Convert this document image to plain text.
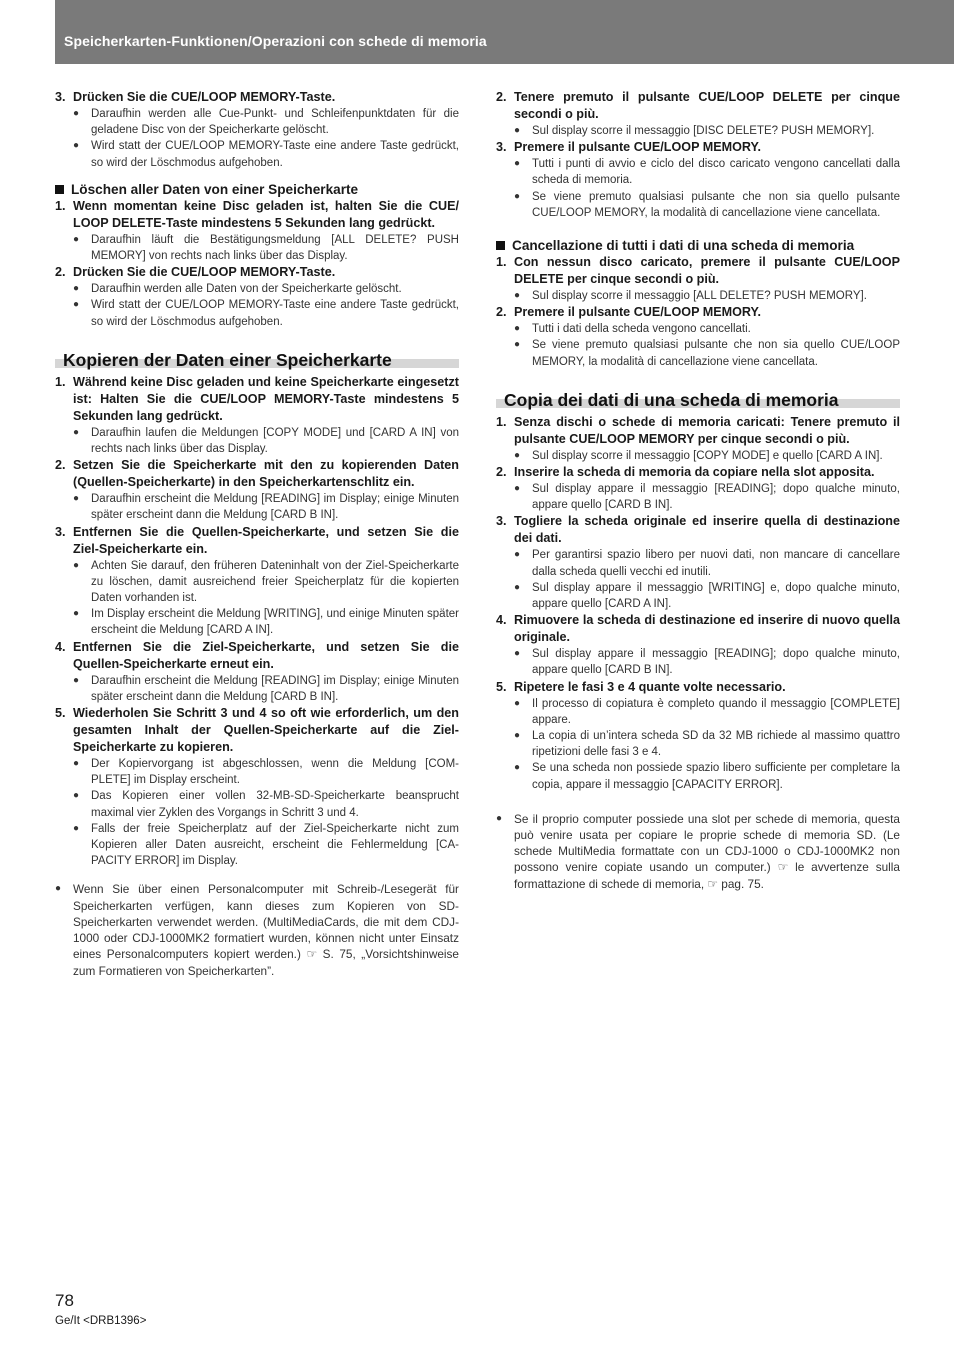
Speicherkarten-Funktionen/Operazioni con schede di memoria
3. Drücken Sie die CUE/LOOP MEMORY-Taste.
●	Daraufhin werden alle Cue-Punkt- und Schleifenpunktdaten für die geladene Disc von der Speicherkarte gelöscht.
●	Wird statt der CUE/LOOP MEMORY-Taste eine andere Taste gedrückt, so wird der Löschmodus aufgehoben.
Löschen aller Daten von einer Speicherkarte
1. Wenn momentan keine Disc geladen ist, halten Sie die CUE/ LOOP DELETE-Taste mindestens 5 Sekunden lang gedrückt.
●	Daraufhin läuft die Bestätigungsmeldung [ALL DELETE? PUSH MEMORY] von rechts nach links über das Display.
2. Drücken Sie die CUE/LOOP MEMORY-Taste.
●	Daraufhin werden alle Daten von der Speicherkarte gelöscht.
●	Wird statt der CUE/LOOP MEMORY-Taste eine andere Taste gedrückt, so wird der Löschmodus aufgehoben.
Kopieren der Daten einer Speicherkarte
1. Während keine Disc geladen und keine Speicherkarte eingesetzt ist: Halten Sie die CUE/LOOP MEMORY-Taste mindestens 5 Sekunden lang gedrückt.
●	Daraufhin laufen die Meldungen [COPY MODE] und [CARD A IN] von rechts nach links über das Display.
2. Setzen Sie die Speicherkarte mit den zu kopierenden Daten (Quellen-Speicherkarte) in den Speicherkartenschlitz ein.
●	Daraufhin erscheint die Meldung [READING] im Display; einige Minuten später erscheint dann die Meldung [CARD B IN].
3. Entfernen Sie die Quellen-Speicherkarte, und setzen Sie die Ziel-Speicherkarte ein.
●	Achten Sie darauf, den früheren Dateninhalt von der Ziel-Speicherkarte zu löschen, damit ausreichend freier Speicherplatz für die kopierten Daten vorhanden ist.
●	Im Display erscheint die Meldung [WRITING], und einige Minuten später erscheint die Meldung [CARD A IN].
4. Entfernen Sie die Ziel-Speicherkarte, und setzen Sie die Quellen-Speicherkarte erneut ein.
●	Daraufhin erscheint die Meldung [READING] im Display; einige Minuten später erscheint dann die Meldung [CARD B IN].
5. Wiederholen Sie Schritt 3 und 4 so oft wie erforderlich, um den gesamten Inhalt der Quellen-Speicherkarte auf die Ziel-Speicherkarte zu kopieren.
●	Der Kopiervorgang ist abgeschlossen, wenn die Meldung [COM- PLETE] im Display erscheint.
●	Das Kopieren einer vollen 32-MB-SD-Speicherkarte beansprucht maximal vier Zyklen des Vorgangs in Schritt 3 und 4.
●	Falls der freie Speicherplatz auf der Ziel-Speicherkarte nicht zum Kopieren aller Daten ausreicht, erscheint die Fehlermeldung [CA- PACITY ERROR] im Display.
●	Wenn Sie über einen Personalcomputer mit Schreib-/Lesegerät für Speicherkarten verfügen, kann dieses zum Kopieren von SD-Speicherkarten verwendet werden. (MultiMediaCards, die mit dem CDJ-1000 oder CDJ-1000MK2 formatiert wurden, können nicht unter Einsatz eines Personalcomputers kopiert werden.) ☞ S. 75, „Vorsichtshinweise zum Formatieren von Speicherkarten”.
2. Tenere premuto il pulsante CUE/LOOP DELETE per cinque secondi o più.
●	Sul display scorre il messaggio [DISC DELETE? PUSH MEMORY].
3. Premere il pulsante CUE/LOOP MEMORY.
●	Tutti i punti di avvio e ciclo del disco caricato vengono cancellati dalla scheda di memoria.
●	Se viene premuto qualsiasi pulsante che non sia quello pulsante CUE/LOOP MEMORY, la modalità di cancellazione viene cancellata.
Cancellazione di tutti i dati di una scheda di memoria
1. Con nessun disco caricato, premere il pulsante CUE/LOOP DELETE per cinque secondi o più.
●	Sul display scorre il messaggio [ALL DELETE? PUSH MEMORY].
2. Premere il pulsante CUE/LOOP MEMORY.
●	Tutti i dati della scheda vengono cancellati.
●	Se viene premuto qualsiasi pulsante che non sia quello CUE/LOOP MEMORY, la modalità di cancellazione viene cancellata.
Copia dei dati di una scheda di memoria
1. Senza dischi o schede di memoria caricati: Tenere premuto il pulsante CUE/LOOP MEMORY per cinque secondi o più.
●	Sul display scorre il messaggio [COPY MODE] e quello [CARD A IN].
2. Inserire la scheda di memoria da copiare nella slot apposita.
●	Sul display appare il messaggio [READING]; dopo qualche minuto, appare quello [CARD B IN].
3. Togliere la scheda originale ed inserire quella di destinazione dei dati.
●	Per garantirsi spazio libero per nuovi dati, non mancare di cancellare dalla scheda quelli vecchi ed inutili.
●	Sul display appare il messaggio [WRITING] e, dopo qualche minuto, appare quello [CARD A IN].
4. Rimuovere la scheda di destinazione ed inserire di nuovo quella originale.
●	Sul display appare il messaggio [READING]; dopo qualche minuto, appare quello [CARD B IN].
5. Ripetere le fasi 3 e 4 quante volte necessario.
●	Il processo di copiatura è completo quando il messaggio [COMPLETE] appare.
●	La copia di un’intera scheda SD da 32 MB richiede al massimo quattro ripetizioni delle fasi 3 e 4.
●	Se una scheda non possiede spazio libero sufficiente per completare la copia, appare il messaggio [CAPACITY ERROR].
●	Se il proprio computer possiede una slot per schede di memoria, questa può venire usata per copiare le proprie schede di memoria SD. (Le schede MultiMedia formattate con un CDJ-1000 o CDJ-1000MK2 non possono venire copiate usando un computer.) ☞ le avvertenze sulla formattazione di schede di memoria, ☞ pag. 75.
78
Ge/It <DRB1396>
